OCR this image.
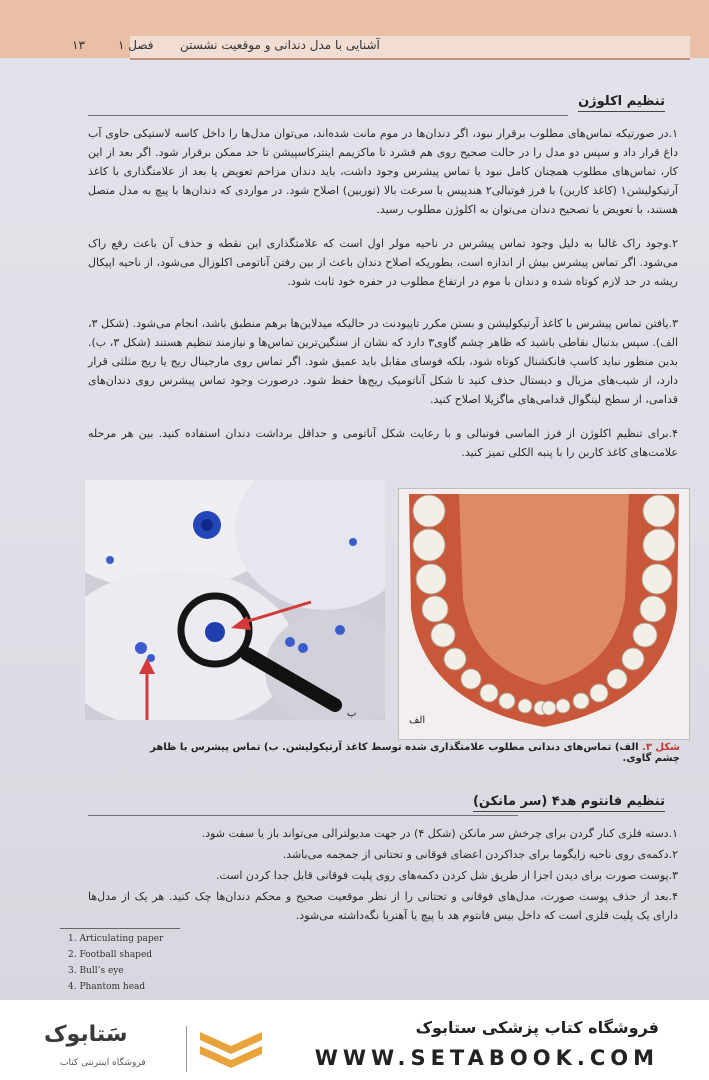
آشنایی با مدل دندانی و موقعیت نشستن
فصل ۱
۱۳
تنظیم اکلوژن
۱.در صورتیکه تماس‌های مطلوب برقرار نبود، اگر دندان‌ها در موم مانت شده‌اند، می‌توان مدل‌ها را داخل کاسه لاستیکی حاوی آب داغ قرار داد و سپس دو مدل را در حالت صحیح روی هم فشرد تا ماکزیمم اینترکاسپیشن تا حد ممکن برقرار شود. اگر بعد از این کار، تماس‌های مطلوب همچنان کامل نبود یا تماس پیشرس وجود داشت، باید دندان مزاحم تعویض یا بعد از علامتگذاری با کاغذ آرتیکولیشن۱ (کاغذ کاربن) با فرز فوتبالی۲ هندپیس با سرعت بالا (توربین) اصلاح شود. در مواردی که دندان‌ها با پیچ به مدل متصل هستند، با تعویض یا تصحیح دندان می‌توان به اکلوژن مطلوب رسید.
۲.وجود راک غالبا به دلیل وجود تماس پیشرس در ناحیه مولر اول است که علامتگذاری این نقطه و حذف آن باعث رفع راک می‌شود. اگر تماس پیشرس بیش از اندازه است، بطوریکه اصلاح دندان باعث از بین رفتن آناتومی اکلوزال می‌شود، از ناحیه اپیکال ریشه در حد لازم کوتاه شده و دندان با موم در ارتفاع مطلوب در حفره خود ثابت شود.
۳.یافتن تماس پیشرس با کاغذ آرتیکولیشن و بستن مکرر تاپیودنت در حالیکه میدلاین‌ها برهم منطبق باشد، انجام می‌شود. (شکل ۳، الف). سپس بدنبال نقاطی باشید که ظاهر چشم گاوی۳ دارد که نشان از سنگین‌ترین تماس‌ها و نیازمند تنظیم هستند (شکل ۳، ب). بدین منظور نباید کاسپ فانکشنال کوتاه شود، بلکه فوسای مقابل باید عمیق شود. اگر تماس روی مارجینال ریج یا ریج مثلثی قرار دارد، از شیب‌های مزیال و دیستال حذف کنید تا شکل آناتومیک ریج‌ها حفظ شود. درصورت وجود تماس پیشرس روی دندان‌های قدامی، از سطح لینگوال قدامی‌های ماگزیلا اصلاح کنید.
۴.برای تنظیم اکلوژن از فرز الماسی فوتبالی و با رعایت شکل آناتومی و حداقل برداشت دندان استفاده کنید. بین هر مرحله علامت‌های کاغذ کاربن را با پنبه الکلی تمیز کنید.
ب
الف
شکل ۳. الف) تماس‌های دندانی مطلوب علامتگذاری شده توسط کاغذ آرتیکولیشن. ب) تماس پیشرس با ظاهر چشم گاوی.
تنظیم فانتوم هد۴ (سر مانکن)
۱.دسته فلزی کنار گردن برای چرخش سر مانکن (شکل ۴) در جهت مدیولترالی می‌تواند باز یا سفت شود.
۲.دکمه‌ی روی ناحیه زایگوما برای جداکردن اعضای فوقانی و تحتانی از جمجمه می‌باشد.
۳.پوست صورت برای دیدن اجزا از طریق شل کردن دکمه‌های روی پلیت فوقانی قابل جدا کردن است.
۴.بعد از حذف پوست صورت، مدل‌های فوقانی و تحتانی را از نظر موقعیت صحیح و محکم دندان‌ها چک کنید. هر یک از مدل‌ها دارای یک پلیت فلزی است که داخل بیس فانتوم هد با پیچ یا آهنربا نگه‌داشته می‌شود.
1. Articulating paper
2. Football shaped
3. Bull’s eye
4. Phantom head
سَتابوک
فروشگاه اینترنتی کتاب
فروشگاه کتاب پزشکی ستابوک
WWW.SETABOOK.COM
